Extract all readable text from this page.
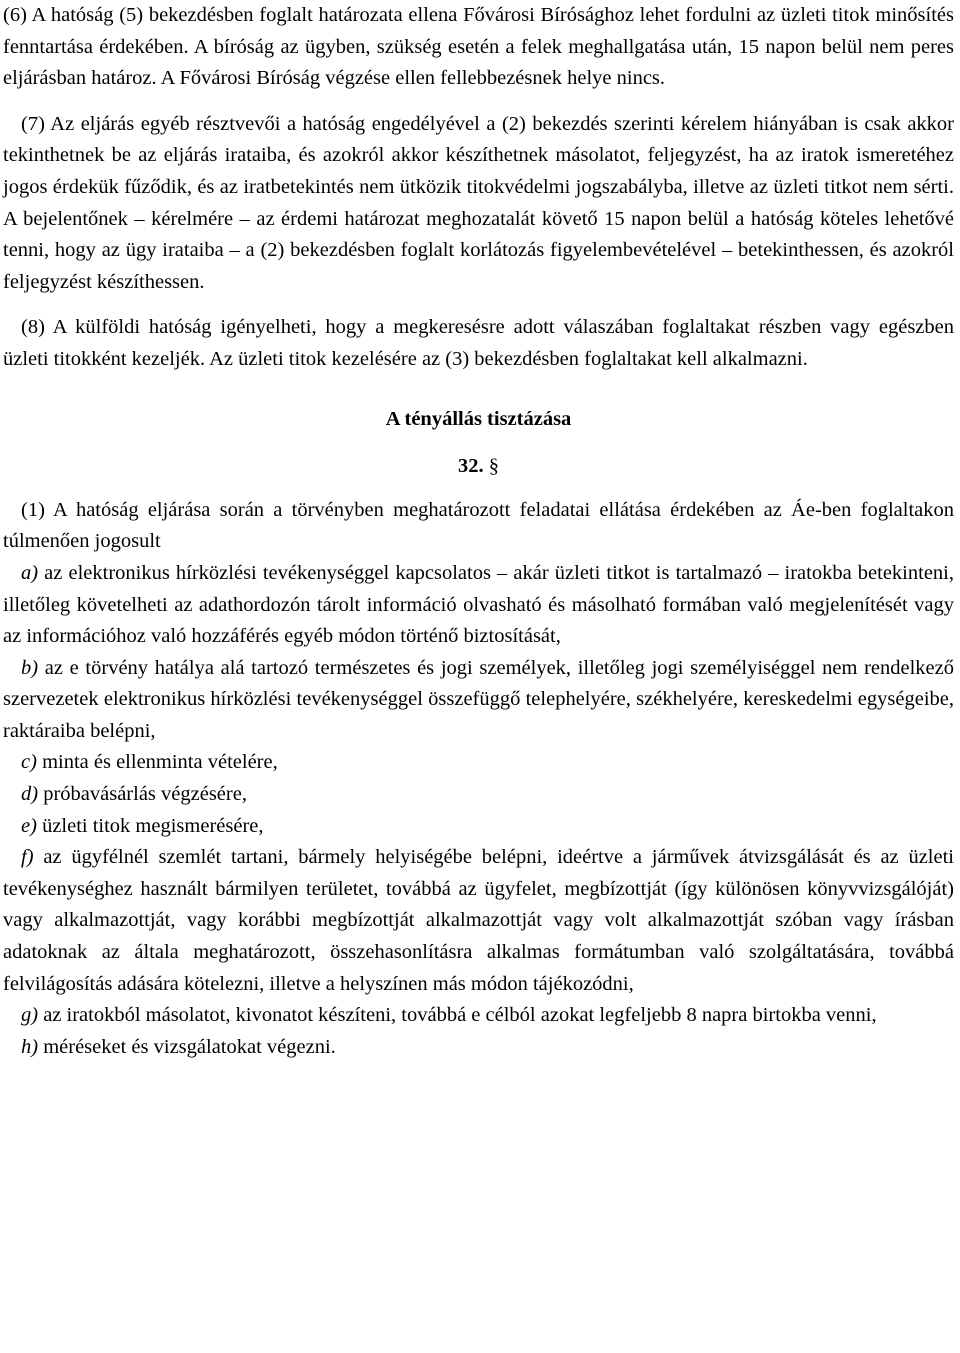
(6) A hatóság (5) bekezdésben foglalt határozata ellena Fővárosi Bírósághoz lehet fordulni az üzleti titok minősítés fenntartása érdekében. A bíróság az ügyben, szükség esetén a felek meghallgatása után, 15 napon belül nem peres eljárásban határoz. A Fővárosi Bíróság végzése ellen fellebbezésnek helye nincs.

(7) Az eljárás egyéb résztvevői a hatóság engedélyével a (2) bekezdés szerinti kérelem hiányában is csak akkor tekinthetnek be az eljárás irataiba, és azokról akkor készíthetnek másolatot, feljegyzést, ha az iratok ismeretéhez jogos érdekük fűződik, és az iratbetekintés nem ütközik titokvédelmi jogszabályba, illetve az üzleti titkot nem sérti. A bejelentőnek – kérelmére – az érdemi határozat meghozatalát követő 15 napon belül a hatóság köteles lehetővé tenni, hogy az ügy irataiba – a (2) bekezdésben foglalt korlátozás figyelembevételével – betekinthessen, és azokról feljegyzést készíthessen.

(8) A külföldi hatóság igényelheti, hogy a megkeresésre adott válaszában foglaltakat részben vagy egészben üzleti titokként kezeljék. Az üzleti titok kezelésére az (3) bekezdésben foglaltakat kell alkalmazni.

A tényállás tisztázása

32. §

(1) A hatóság eljárása során a törvényben meghatározott feladatai ellátása érdekében az Áe-ben foglaltakon túlmenően jogosult

a) az elektronikus hírközlési tevékenységgel kapcsolatos – akár üzleti titkot is tartalmazó – iratokba betekinteni, illetőleg követelheti az adathordozón tárolt információ olvasható és másolható formában való megjelenítését vagy az információhoz való hozzáférés egyéb módon történő biztosítását,

b) az e törvény hatálya alá tartozó természetes és jogi személyek, illetőleg jogi személyiséggel nem rendelkező szervezetek elektronikus hírközlési tevékenységgel összefüggő telephelyére, székhelyére, kereskedelmi egységeibe, raktáraiba belépni,

c) minta és ellenminta vételére,

d) próbavásárlás végzésére,

e) üzleti titok megismerésére,

f) az ügyfélnél szemlét tartani, bármely helyiségébe belépni, ideértve a járművek átvizsgálását és az üzleti tevékenységhez használt bármilyen területet, továbbá az ügyfelet, megbízottját (így különösen könyvvizsgálóját) vagy alkalmazottját, vagy korábbi megbízottját alkalmazottját vagy volt alkalmazottját szóban vagy írásban adatoknak az általa meghatározott, összehasonlításra alkalmas formátumban való szolgáltatására, továbbá felvilágosítás adására kötelezni, illetve a helyszínen más módon tájékozódni,

g) az iratokból másolatot, kivonatot készíteni, továbbá e célból azokat legfeljebb 8 napra birtokba venni,

h) méréseket és vizsgálatokat végezni.
